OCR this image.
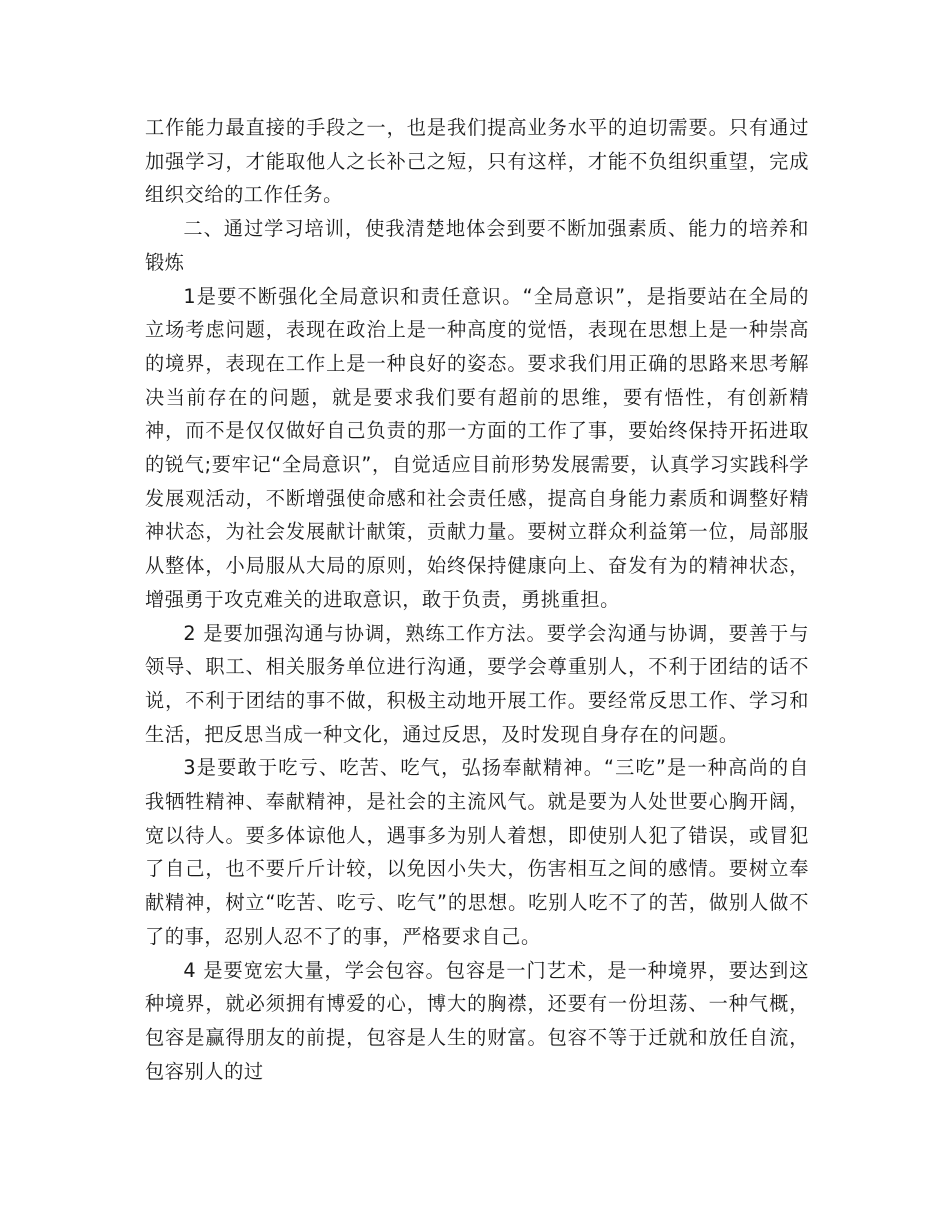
工作能力最直接的手段之一，也是我们提高业务水平的迫切需要。只有通过加强学习，才能取他人之长补己之短，只有这样，才能不负组织重望，完成组织交给的工作任务。

二、通过学习培训，使我清楚地体会到要不断加强素质、能力的培养和锻炼

1是要不断强化全局意识和责任意识。“全局意识”，是指要站在全局的立场考虑问题，表现在政治上是一种高度的觉悟，表现在思想上是一种崇高的境界，表现在工作上是一种良好的姿态。要求我们用正确的思路来思考解决当前存在的问题，就是要求我们要有超前的思维，要有悟性，有创新精神，而不是仅仅做好自己负责的那一方面的工作了事，要始终保持开拓进取的锐气;要牢记“全局意识”，自觉适应目前形势发展需要，认真学习实践科学发展观活动，不断增强使命感和社会责任感，提高自身能力素质和调整好精神状态，为社会发展献计献策，贡献力量。要树立群众利益第一位，局部服从整体，小局服从大局的原则，始终保持健康向上、奋发有为的精神状态，增强勇于攻克难关的进取意识，敢于负责，勇挑重担。

2 是要加强沟通与协调，熟练工作方法。要学会沟通与协调，要善于与领导、职工、相关服务单位进行沟通，要学会尊重别人，不利于团结的话不说，不利于团结的事不做，积极主动地开展工作。要经常反思工作、学习和生活，把反思当成一种文化，通过反思，及时发现自身存在的问题。

3是要敢于吃亏、吃苦、吃气，弘扬奉献精神。“三吃”是一种高尚的自我牺牲精神、奉献精神，是社会的主流风气。就是要为人处世要心胸开阔，宽以待人。要多体谅他人，遇事多为别人着想，即使别人犯了错误，或冒犯了自己，也不要斤斤计较，以免因小失大，伤害相互之间的感情。要树立奉献精神，树立“吃苦、吃亏、吃气”的思想。吃别人吃不了的苦，做别人做不了的事，忍别人忍不了的事，严格要求自己。

4 是要宽宏大量，学会包容。包容是一门艺术，是一种境界，要达到这种境界，就必须拥有博爱的心，博大的胸襟，还要有一份坦荡、一种气概，包容是赢得朋友的前提，包容是人生的财富。包容不等于迁就和放任自流，包容别人的过
